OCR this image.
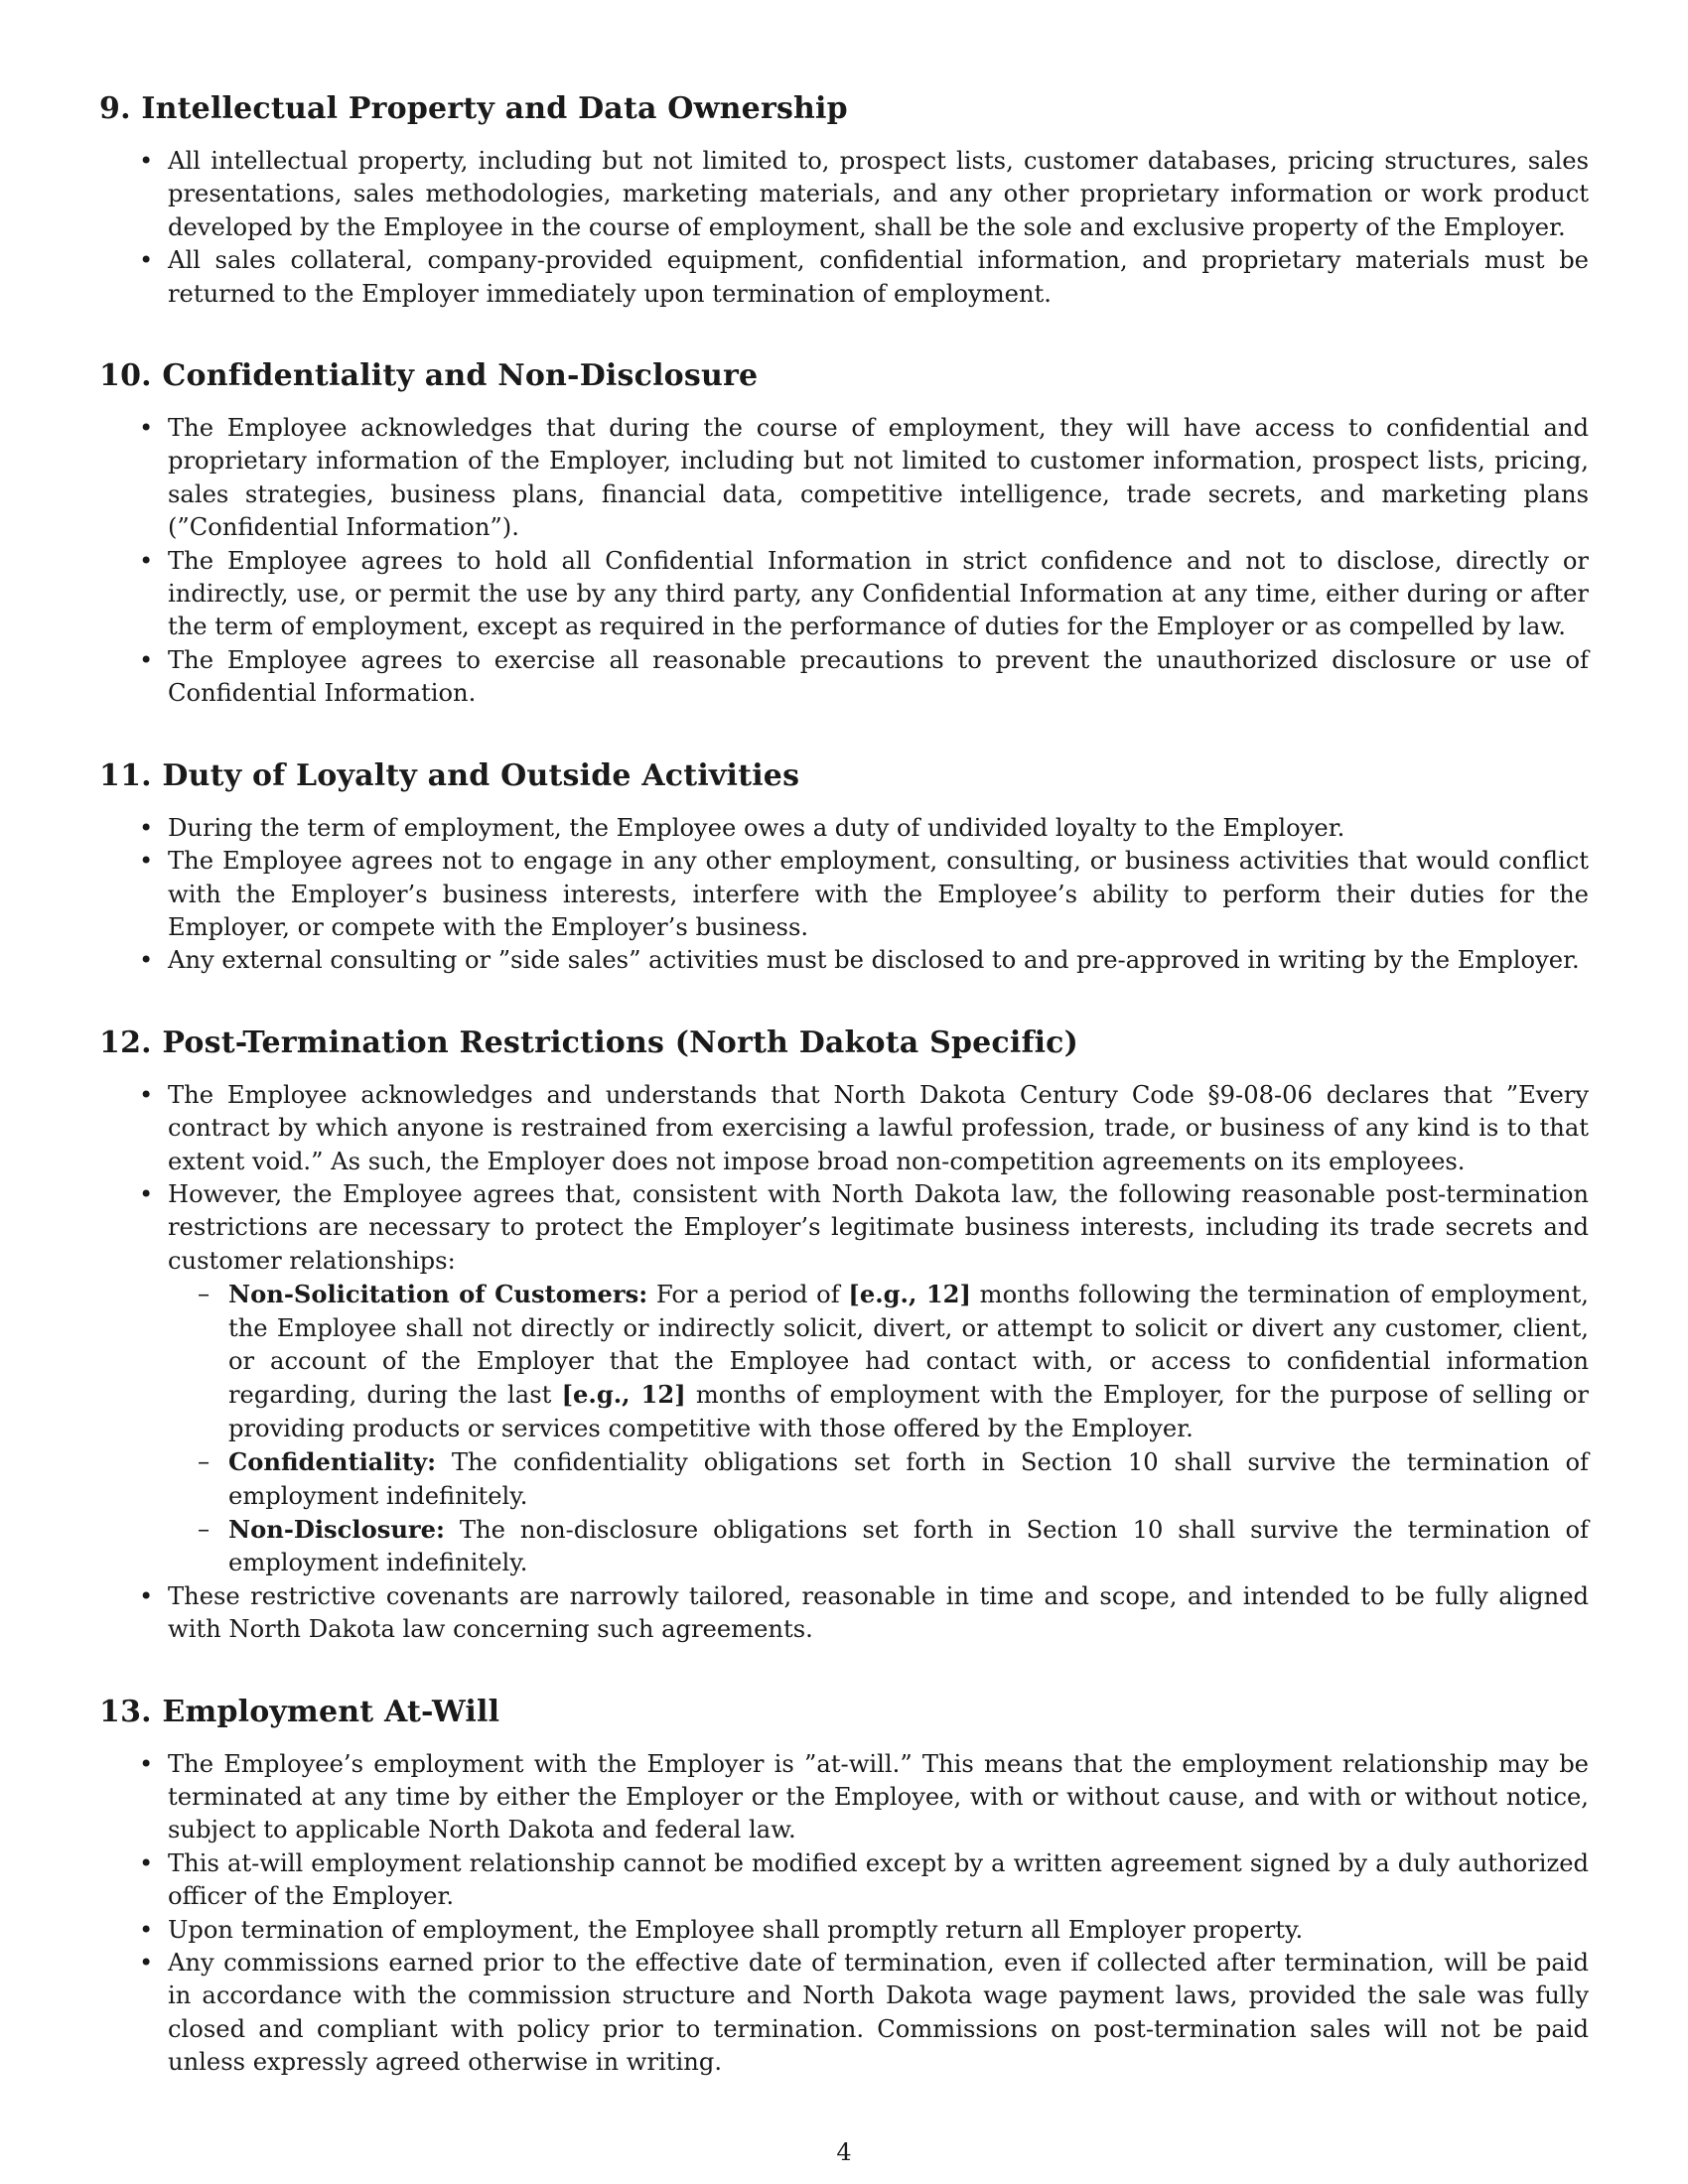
9. Intellectual Property and Data Ownership
• All intellectual property, including but not limited to, prospect lists, customer databases, pricing structures, sales presentations, sales methodologies, marketing materials, and any other proprietary information or work product developed by the Employee in the course of employment, shall be the sole and exclusive property of the Employer.
• All sales collateral, company-provided equipment, confidential information, and proprietary materials must be returned to the Employer immediately upon termination of employment.
10. Confidentiality and Non-Disclosure
• The Employee acknowledges that during the course of employment, they will have access to confidential and proprietary information of the Employer, including but not limited to customer information, prospect lists, pricing, sales strategies, business plans, financial data, competitive intelligence, trade secrets, and marketing plans (”Confidential Information”).
• The Employee agrees to hold all Confidential Information in strict confidence and not to disclose, directly or indirectly, use, or permit the use by any third party, any Confidential Information at any time, either during or after the term of employment, except as required in the performance of duties for the Employer or as compelled by law.
• The Employee agrees to exercise all reasonable precautions to prevent the unauthorized disclosure or use of Confidential Information.
11. Duty of Loyalty and Outside Activities
• During the term of employment, the Employee owes a duty of undivided loyalty to the Employer.
• The Employee agrees not to engage in any other employment, consulting, or business activities that would conflict with the Employer’s business interests, interfere with the Employee’s ability to perform their duties for the Employer, or compete with the Employer’s business.
• Any external consulting or ”side sales” activities must be disclosed to and pre-approved in writing by the Employer.
12. Post-Termination Restrictions (North Dakota Specific)
• The Employee acknowledges and understands that North Dakota Century Code §9-08-06 declares that ”Every contract by which anyone is restrained from exercising a lawful profession, trade, or business of any kind is to that extent void.” As such, the Employer does not impose broad non-competition agreements on its employees.
• However, the Employee agrees that, consistent with North Dakota law, the following reasonable post-termination restrictions are necessary to protect the Employer’s legitimate business interests, including its trade secrets and customer relationships:
– Non-Solicitation of Customers: For a period of [e.g., 12] months following the termination of employment, the Employee shall not directly or indirectly solicit, divert, or attempt to solicit or divert any customer, client, or account of the Employer that the Employee had contact with, or access to confidential information regarding, during the last [e.g., 12] months of employment with the Employer, for the purpose of selling or providing products or services competitive with those offered by the Employer.
– Confidentiality: The confidentiality obligations set forth in Section 10 shall survive the termination of employment indefinitely.
– Non-Disclosure: The non-disclosure obligations set forth in Section 10 shall survive the termination of employment indefinitely.
• These restrictive covenants are narrowly tailored, reasonable in time and scope, and intended to be fully aligned with North Dakota law concerning such agreements.
13. Employment At-Will
• The Employee’s employment with the Employer is ”at-will.” This means that the employment relationship may be terminated at any time by either the Employer or the Employee, with or without cause, and with or without notice, subject to applicable North Dakota and federal law.
• This at-will employment relationship cannot be modified except by a written agreement signed by a duly authorized officer of the Employer.
• Upon termination of employment, the Employee shall promptly return all Employer property.
• Any commissions earned prior to the effective date of termination, even if collected after termination, will be paid in accordance with the commission structure and North Dakota wage payment laws, provided the sale was fully closed and compliant with policy prior to termination. Commissions on post-termination sales will not be paid unless expressly agreed otherwise in writing.
4
